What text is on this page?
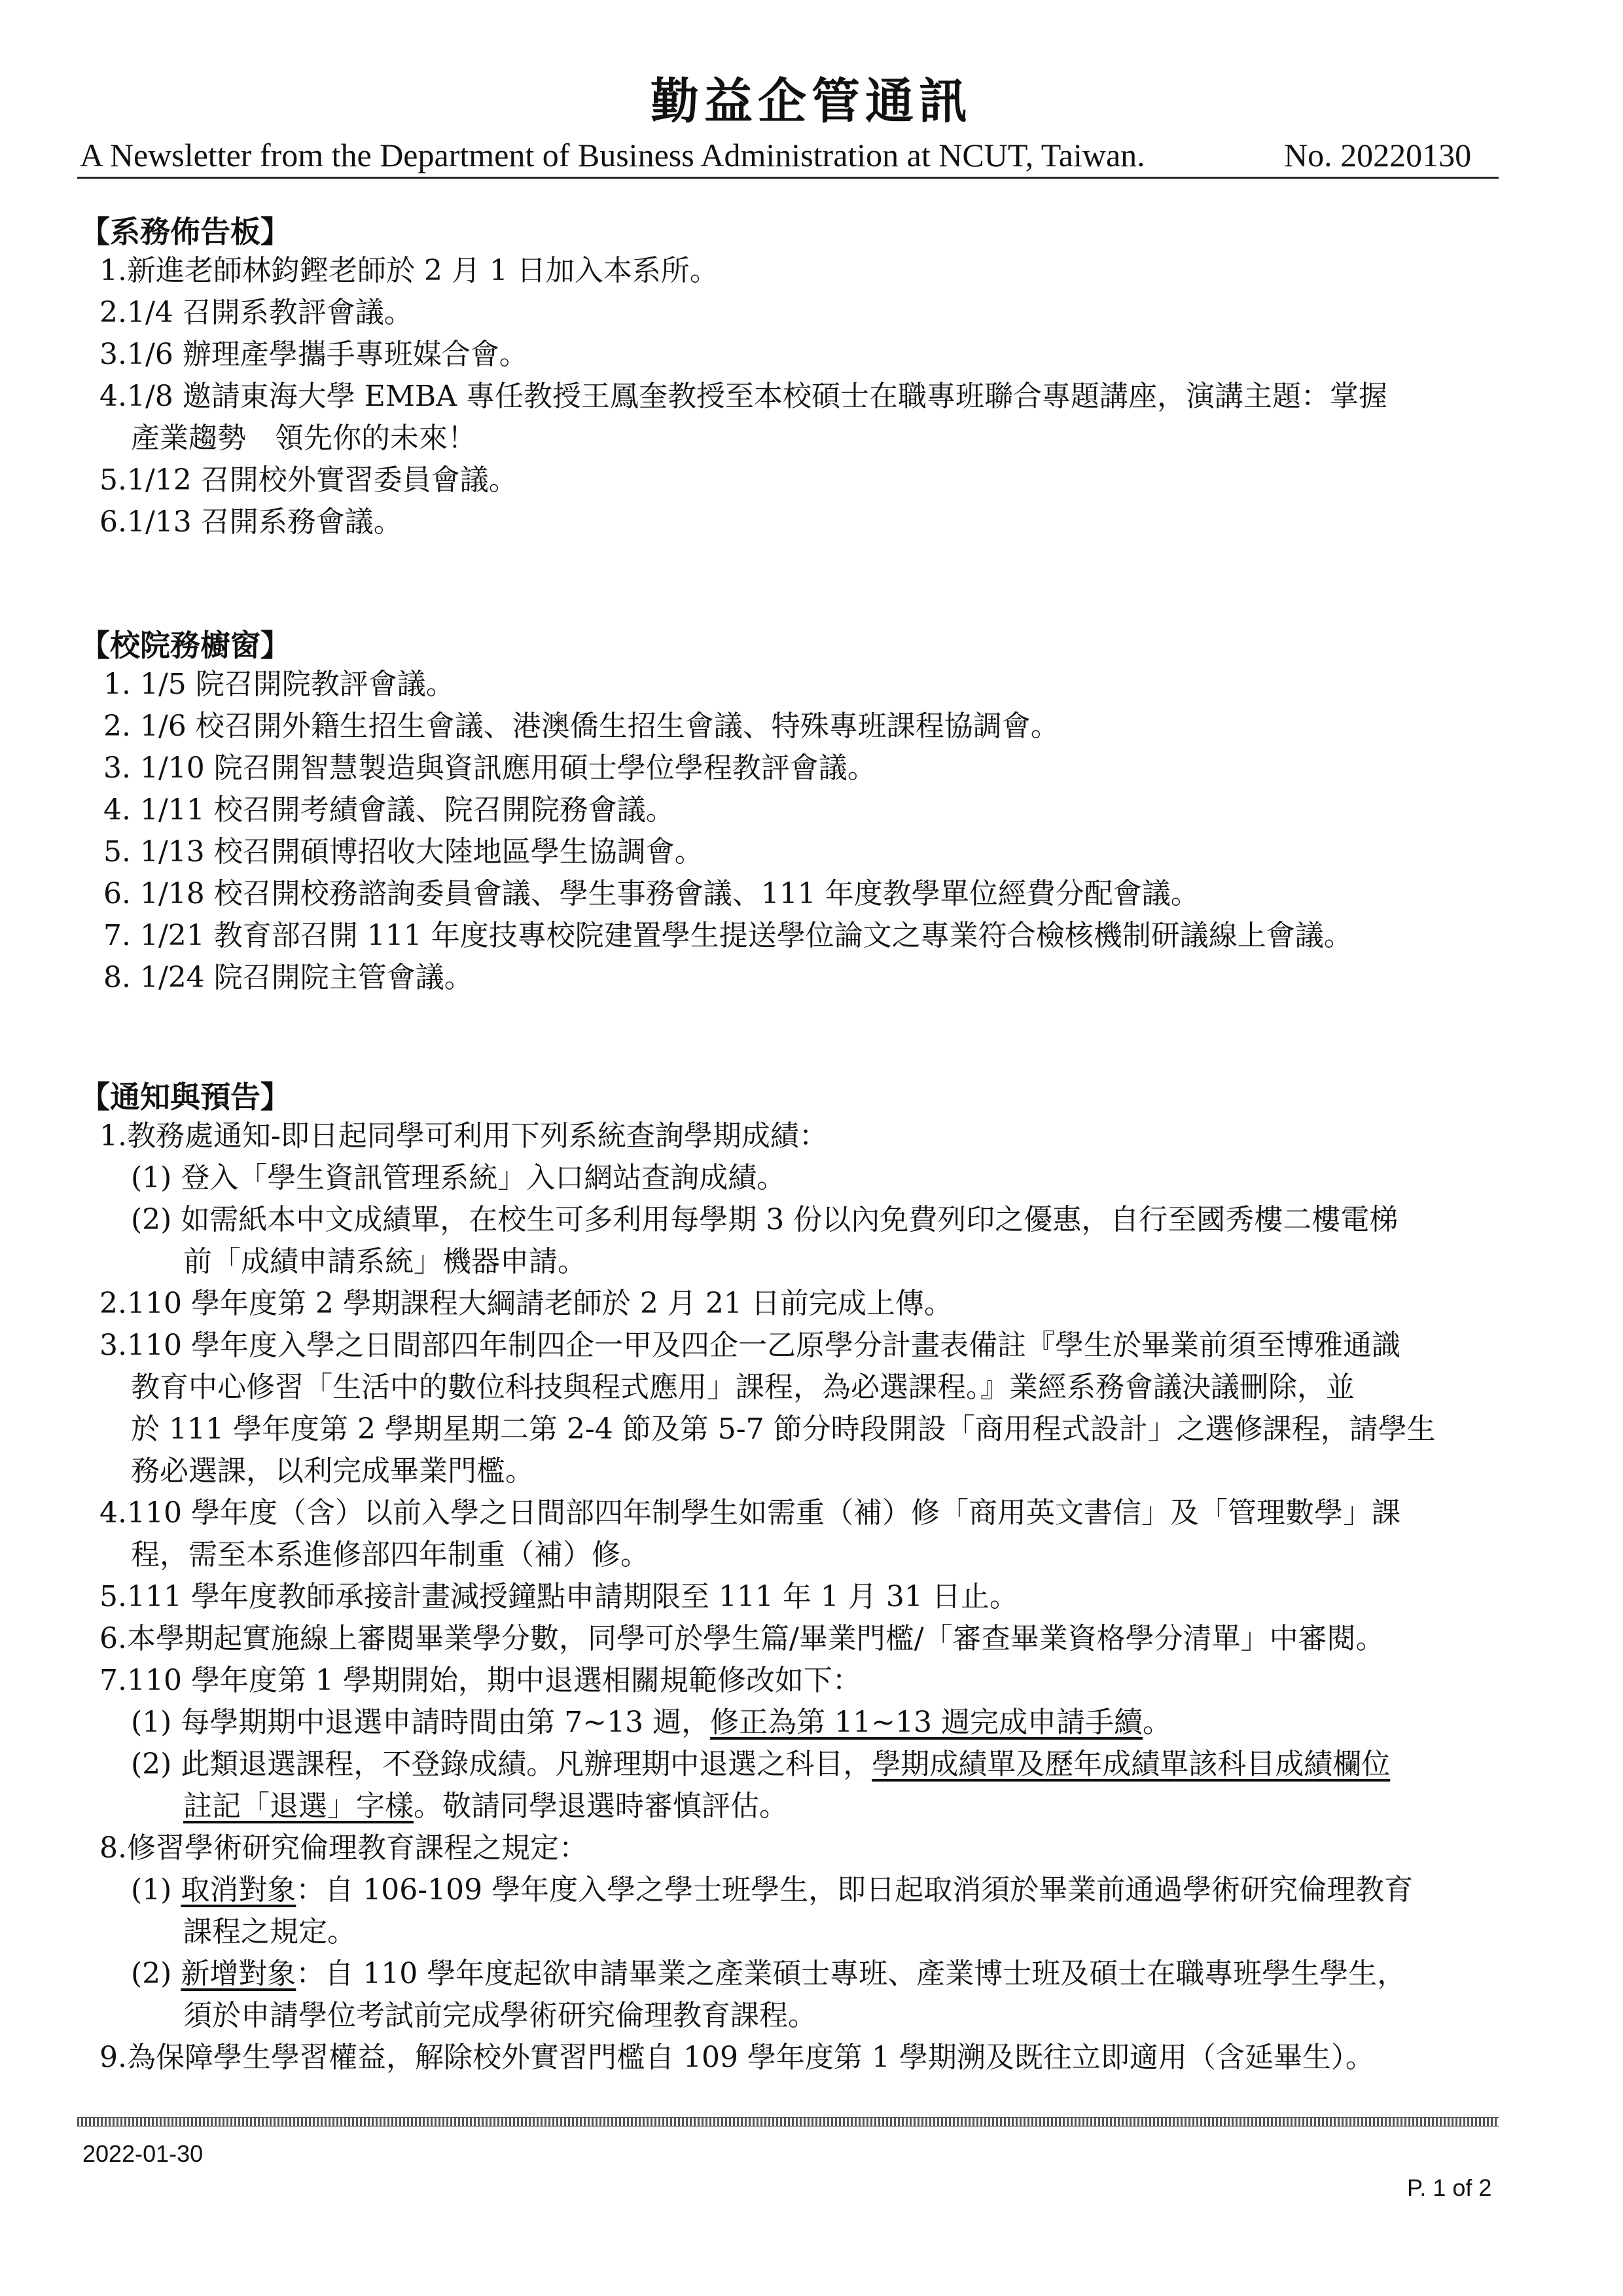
勤益企管通訊
A Newsletter from the Department of Business Administration at NCUT, Taiwan.	No. 20220130
【系務佈告板】
1.新進老師林鈞鏗老師於 2 月 1 日加入本系所。
2.1/4 召開系教評會議。
3.1/6 辦理產學攜手專班媒合會。
4.1/8 邀請東海大學 EMBA 專任教授王鳳奎教授至本校碩士在職專班聯合專題講座，演講主題：掌握
產業趨勢　領先你的未來！
5.1/12 召開校外實習委員會議。
6.1/13 召開系務會議。
【校院務櫥窗】
1. 1/5 院召開院教評會議。
2. 1/6 校召開外籍生招生會議、港澳僑生招生會議、特殊專班課程協調會。
3. 1/10 院召開智慧製造與資訊應用碩士學位學程教評會議。
4. 1/11 校召開考績會議、院召開院務會議。
5. 1/13 校召開碩博招收大陸地區學生協調會。
6. 1/18 校召開校務諮詢委員會議、學生事務會議、111 年度教學單位經費分配會議。
7. 1/21 教育部召開 111 年度技專校院建置學生提送學位論文之專業符合檢核機制研議線上會議。
8. 1/24 院召開院主管會議。
【通知與預告】
1.教務處通知-即日起同學可利用下列系統查詢學期成績：
(1) 登入「學生資訊管理系統」入口網站查詢成績。
(2) 如需紙本中文成績單，在校生可多利用每學期 3 份以內免費列印之優惠，自行至國秀樓二樓電梯
前「成績申請系統」機器申請。
2.110 學年度第 2 學期課程大綱請老師於 2 月 21 日前完成上傳。
3.110 學年度入學之日間部四年制四企一甲及四企一乙原學分計畫表備註『學生於畢業前須至博雅通識
教育中心修習「生活中的數位科技與程式應用」課程，為必選課程。』業經系務會議決議刪除，並
於 111 學年度第 2 學期星期二第 2-4 節及第 5-7 節分時段開設「商用程式設計」之選修課程，請學生
務必選課，以利完成畢業門檻。
4.110 學年度（含）以前入學之日間部四年制學生如需重（補）修「商用英文書信」及「管理數學」課
程，需至本系進修部四年制重（補）修。
5.111 學年度教師承接計畫減授鐘點申請期限至 111 年 1 月 31 日止。
6.本學期起實施線上審閱畢業學分數，同學可於學生篇/畢業門檻/「審查畢業資格學分清單」中審閱。
7.110 學年度第 1 學期開始，期中退選相關規範修改如下：
(1) 每學期期中退選申請時間由第 7~13 週，修正為第 11~13 週完成申請手續。
(2) 此類退選課程，不登錄成績。凡辦理期中退選之科目，學期成績單及歷年成績單該科目成績欄位
註記「退選」字樣。敬請同學退選時審慎評估。
8.修習學術研究倫理教育課程之規定：
(1) 取消對象：自 106-109 學年度入學之學士班學生，即日起取消須於畢業前通過學術研究倫理教育
課程之規定。
(2) 新增對象：自 110 學年度起欲申請畢業之產業碩士專班、產業博士班及碩士在職專班學生學生，
須於申請學位考試前完成學術研究倫理教育課程。
9.為保障學生學習權益，解除校外實習門檻自 109 學年度第 1 學期溯及既往立即適用（含延畢生）。
2022-01-30
P. 1 of 2
